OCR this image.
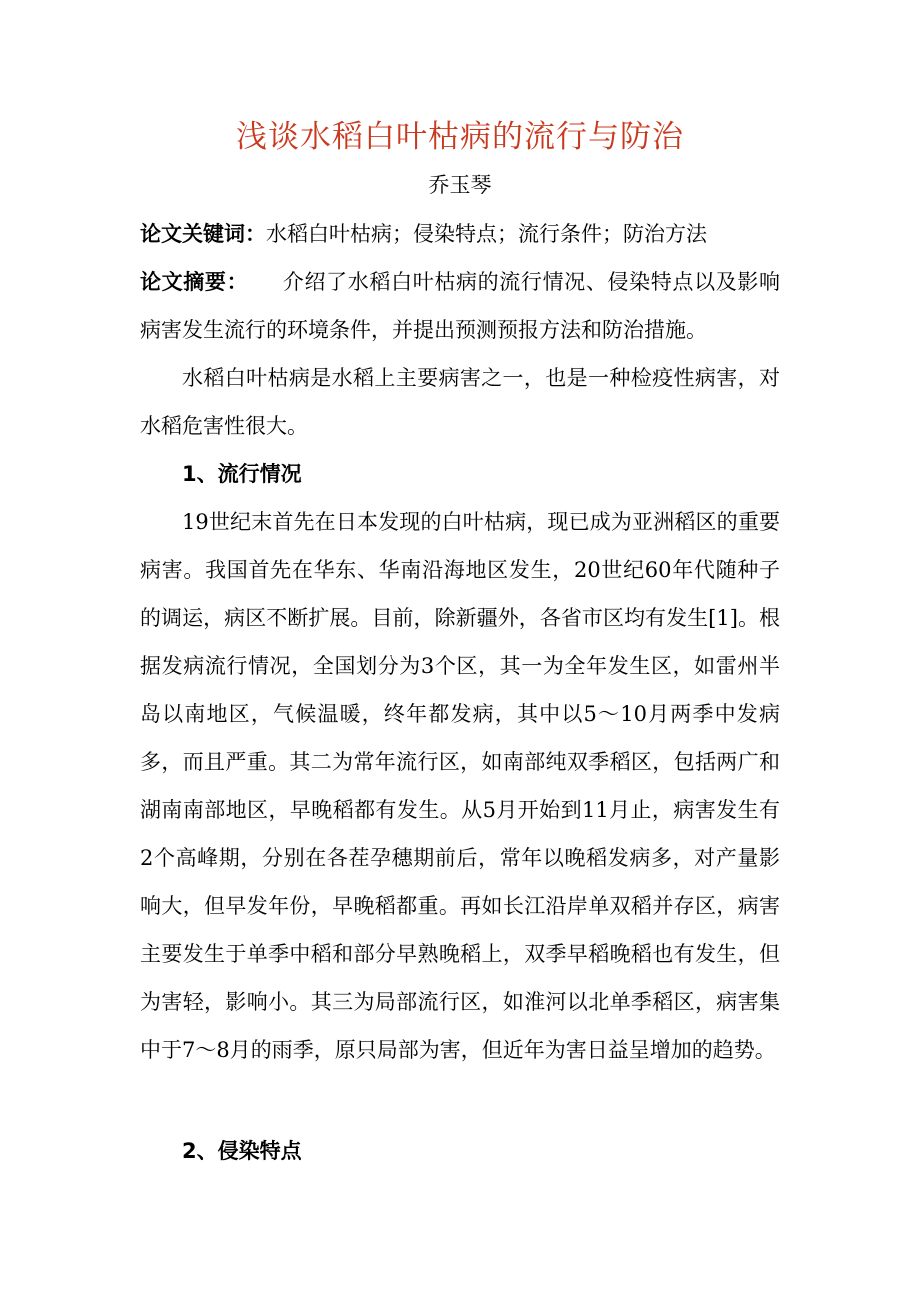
浅谈水稻白叶枯病的流行与防治
乔玉琴
论文关键词：水稻白叶枯病；侵染特点；流行条件；防治方法
论文摘要： 介绍了水稻白叶枯病的流行情况、侵染特点以及影响病害发生流行的环境条件，并提出预测预报方法和防治措施。
水稻白叶枯病是水稻上主要病害之一，也是一种检疫性病害，对水稻危害性很大。
1、流行情况
19世纪末首先在日本发现的白叶枯病，现已成为亚洲稻区的重要病害。我国首先在华东、华南沿海地区发生，20世纪60年代随种子的调运，病区不断扩展。目前，除新疆外，各省市区均有发生[1]。根据发病流行情况，全国划分为3个区，其一为全年发生区，如雷州半岛以南地区，气候温暖，终年都发病，其中以5～10月两季中发病多，而且严重。其二为常年流行区，如南部纯双季稻区，包括两广和湖南南部地区，早晚稻都有发生。从5月开始到11月止，病害发生有2个高峰期，分别在各茬孕穗期前后，常年以晚稻发病多，对产量影响大，但早发年份，早晚稻都重。再如长江沿岸单双稻并存区，病害主要发生于单季中稻和部分早熟晚稻上，双季早稻晚稻也有发生，但为害轻，影响小。其三为局部流行区，如淮河以北单季稻区，病害集中于7～8月的雨季，原只局部为害，但近年为害日益呈增加的趋势。
2、侵染特点
